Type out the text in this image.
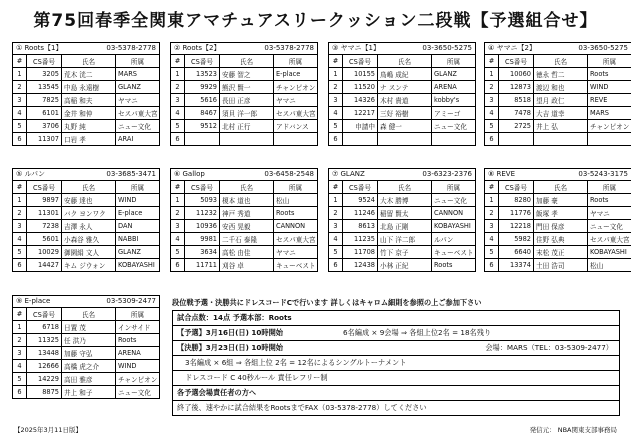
第75回春季全関東アマチュアスリークッション二段戦【予選組合せ】
① Roots【1】	03-5378-2778
#	CS番号	氏名	所属
1	3205	荒木 洸二	MARS
2	13545	中島 永遠樹	GLANZ
3	7825	高稲 和夫	ヤマニ
4	6101	金井 和仲	セスパ東大宮
5	3706	丸野 純	ニュー文化
6	11307	口岩 孝	ARAI
② Roots【2】	03-5378-2778
#	CS番号	氏名	所属
1	13523	安藤 智之	E-place
2	9929	熊沢 賢一	チャンピオン
3	5616	長田 正彦	ヤマニ
4	8467	須貝 洋一郎	セスパ東大宮
5	9512	北村 正行	アドバンス
6			
③ ヤマニ【1】	03-3650-5275
#	CS番号	氏名	所属
1	10155	鳥嶋 成紀	GLANZ
2	11520	ナ スンテ	ARENA
3	14326	木村 貴道	kobby's
4	12217	三好 裕樹	アミーゴ
5	申請中	森 健一	ニュー文化
6			
④ ヤマニ【2】	03-3650-5275
#	CS番号	氏名	所属
1	10060	徳永 哲二	Roots
2	12873	渡辺 和也	WIND
3	8518	望月 政仁	REVE
4	7478	大吉 道幸	MARS
5	2725	井上 弘	チャンピオン
6			
⑤ ルパン	03-3685-3471
#	CS番号	氏名	所属
1	9897	安藤 達也	WIND
2	11301	バク ヨンワク	E-place
3	7238	吉澤 永人	DAN
4	5601	小森谷 雅久	NABBI
5	10029	御園絹 文人	GLANZ
6	14427	キム ジウォン	KOBAYASHI
⑥ Gallop	03-6458-2548
#	CS番号	氏名	所属
1	5093	榎本 道也	松山
2	11232	神戸 秀道	Roots
3	10936	安西 晃毅	CANNON
4	9981	二千石 泰隆	セスパ東大宮
5	3634	高松 由佳	ヤマニ
6	11711	刈谷 卓	キューベスト
⑦ GLANZ	03-6323-2376
#	CS番号	氏名	所属
1	9524	大木 勝博	ニュー文化
2	11246	稲留 賢太	CANNON
3	8613	北島 正剛	KOBAYASHI
4	11235	山下 洋二郎	ルパン
5	11708	竹下 京子	キューベスト
6	12438	小林 正紀	Roots
⑧ REVE	03-5243-3175
#	CS番号	氏名	所属
1	8280	加藤 豪	Roots
2	11776	飯塚 孝	ヤマニ
3	12218	門田 保彦	ニュー文化
4	5982	住野 弘典	セスパ東大宮
5	6640	末松 茂正	KOBAYASHI
6	13374	土田 浩司	松山
⑨ E-place	03-5309-2477
#	CS番号	氏名	所属
1	6718	日置 茂	インサイド
2	11325	任 洪乃	Roots
3	13448	加藤 守弘	ARENA
4	12666	高橋 虎之介	WIND
5	14229	高田 雅彦	チャンピオン
6	8875	井上 和子	ニュー文化
段位戦予選・決勝共にドレスコードCで行います 詳しくはキャロム細則を参照の上ご参加下さい
試合点数：14点 予選本部：Roots
【予選】3月16日(日) 10時開始	6名編成 × 9会場 ⇒ 各組上位2名 = 18名残り

【決勝】3月23日(日) 10時開始	会場：MARS（TEL：03-5309-2477）

3名編成 × 6組 ⇒ 各組上位 2名 = 12名によるシングルトーナメント
ドレスコード C 40秒ルール 責任レフリー制
各予選会場責任者の方へ
終了後、速やかに試合結果をRootsまでFAX（03-5378-2778）してください
【2025年3月11日版】	発信元： NBA関東支部事務局
